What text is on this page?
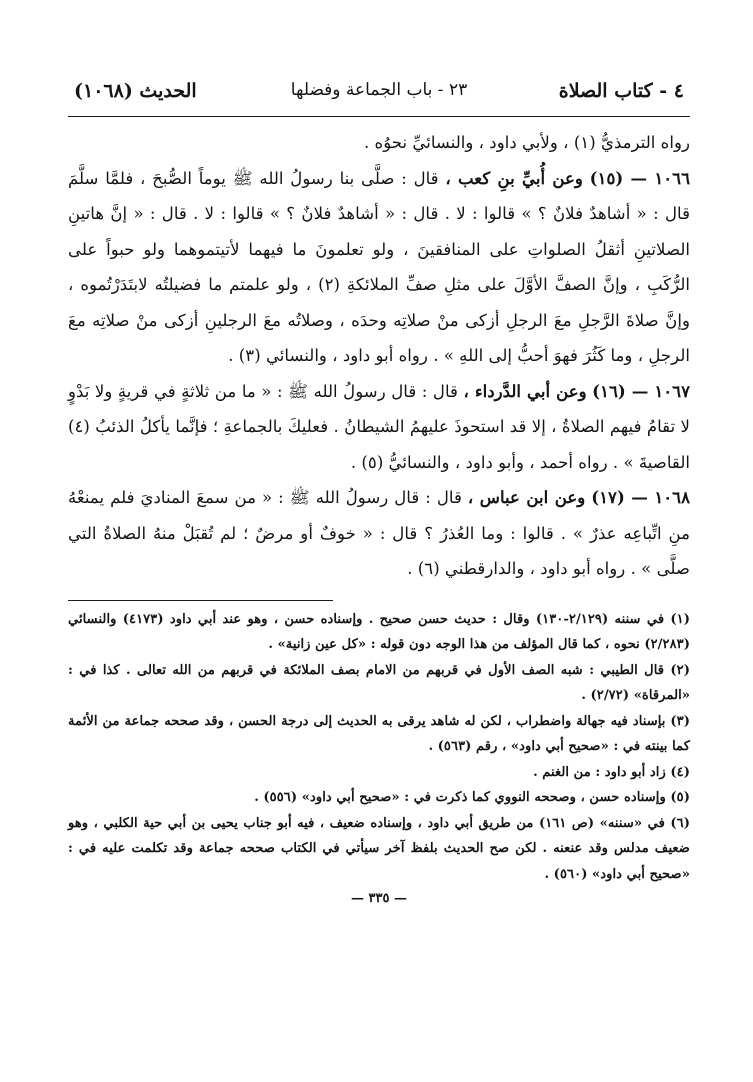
٤ - كتاب الصلاة
٢٣ - باب الجماعة وفضلها
الحديث (١٠٦٨)

رواه الترمذيُّ (١) ، ولأبي داود ، والنسائيِّ نحوُه .

١٠٦٦ — (١٥) وعن أُبيِّ بنِ كعب ، قال : صلَّى بنا رسولُ الله ﷺ يوماً الصُّبحَ ، فلمَّا سلَّمَ قال : « أشاهدٌ فلانٌ ؟ » قالوا : لا . قال : « أشاهدٌ فلانٌ ؟ » قالوا : لا . قال : « إنَّ هاتينِ الصلاتينِ أثقلُ الصلواتِ على المنافقينَ ، ولو تعلمونَ ما فيهما لأتيتموهما ولو حبواً على الرُّكَبِ ، وإنَّ الصفَّ الأوَّلَ على مثلِ صفِّ الملائكةِ (٢) ، ولو علمتم ما فضيلتُه لابتَدَرْتُموه ، وإنَّ صلاةَ الرَّجلِ معَ الرجلِ أزكى منْ صلاتِه وحدَه ، وصلاتُه معَ الرجلينِ أزكى منْ صلاتِه معَ الرجلِ ، وما كَثُرَ فهوَ أحبُّ إلى اللهِ » . رواه أبو داود ، والنسائي (٣) .

١٠٦٧ — (١٦) وعن أبي الدَّرداء ، قال : قال رسولُ الله ﷺ : « ما من ثلاثةٍ في قريةٍ ولا بَدْوٍ لا تقامُ فيهم الصلاةُ ، إلا قد استحوذَ عليهمُ الشيطانُ . فعليكَ بالجماعةِ ؛ فإنَّما يأكلُ الذئبُ (٤) القاصيةَ » . رواه أحمد ، وأبو داود ، والنسائيُّ (٥) .

١٠٦٨ — (١٧) وعن ابن عباس ، قال : قال رسولُ الله ﷺ : « من سمعَ المناديَ فلم يمنعْهُ منِ اتِّباعِه عذرٌ » . قالوا : وما العُذرُ ؟ قال : « خوفٌ أو مرضٌ ؛ لم تُقبَلْ منهُ الصلاةُ التي صلَّى » . رواه أبو داود ، والدارقطني (٦) .

(١) في سننه (٢/١٢٩-١٣٠) وقال : حديث حسن صحيح . وإسناده حسن ، وهو عند أبي داود (٤١٧٣) والنسائي (٢/٢٨٣) نحوه ، كما قال المؤلف من هذا الوجه دون قوله : «كل عين زانية» .

(٢) قال الطيبي : شبه الصف الأول في قربهم من الامام بصف الملائكة في قربهم من الله تعالى . كذا في : «المرقاة» (٢/٧٢) .

(٣) بإسناد فيه جهالة واضطراب ، لكن له شاهد يرقى به الحديث إلى درجة الحسن ، وقد صححه جماعة من الأئمة كما بينته في : «صحيح أبي داود» ، رقم (٥٦٣) .

(٤) زاد أبو داود : من الغنم .

(٥) وإسناده حسن ، وصححه النووي كما ذكرت في : «صحيح أبي داود» (٥٥٦) .

(٦) في «سننه» (ص ١٦١) من طريق أبي داود ، وإسناده ضعيف ، فيه أبو جناب يحيى بن أبي حية الكلبي ، وهو ضعيف مدلس وقد عنعنه . لكن صح الحديث بلفظ آخر سيأتي في الكتاب صححه جماعة وقد تكلمت عليه في : «صحيح أبي داود» (٥٦٠) .

— ٣٣٥ —
